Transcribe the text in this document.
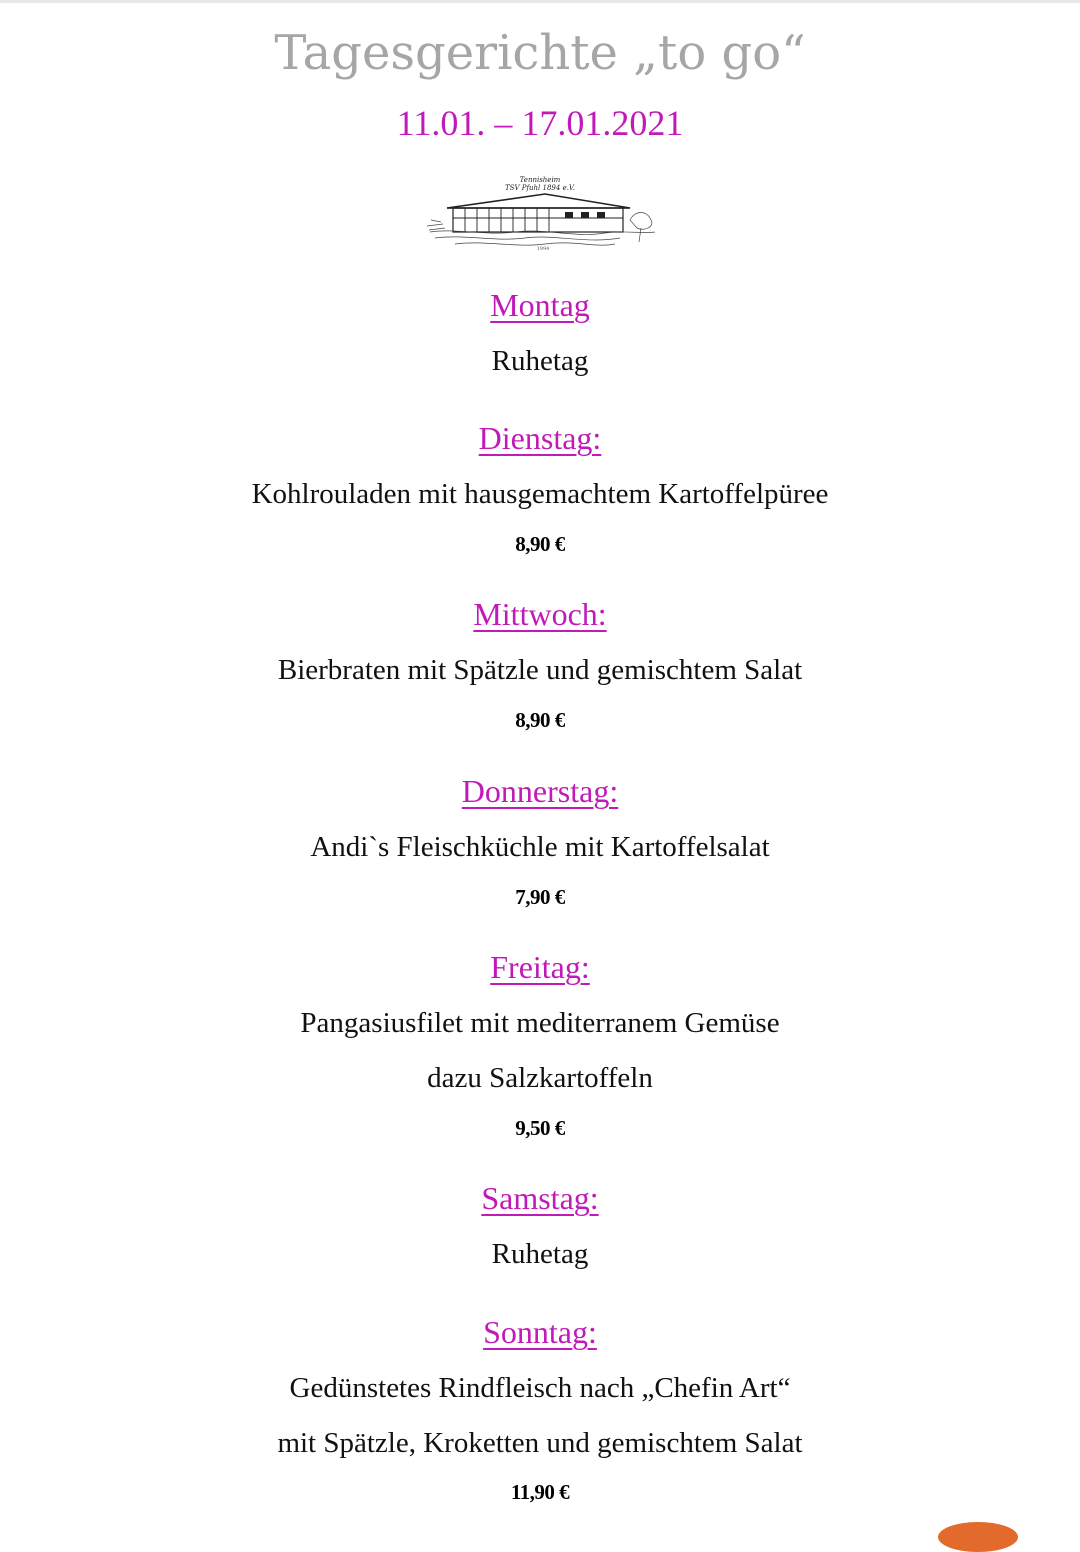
Tagesgerichte „to go“
11.01. – 17.01.2021
Tennisheim
TSV Pfuhl 1894 e.V.
1994
Montag
Ruhetag
Dienstag:
Kohlrouladen mit hausgemachtem Kartoffelpüree
8,90 €
Mittwoch:
Bierbraten mit Spätzle und gemischtem Salat
8,90 €
Donnerstag:
Andi`s Fleischküchle mit Kartoffelsalat
7,90 €
Freitag:
Pangasiusfilet mit mediterranem Gemüse
dazu Salzkartoffeln
9,50 €
Samstag:
Ruhetag
Sonntag:
Gedünstetes Rindfleisch nach „Chefin Art“
mit Spätzle, Kroketten und gemischtem Salat
11,90 €
